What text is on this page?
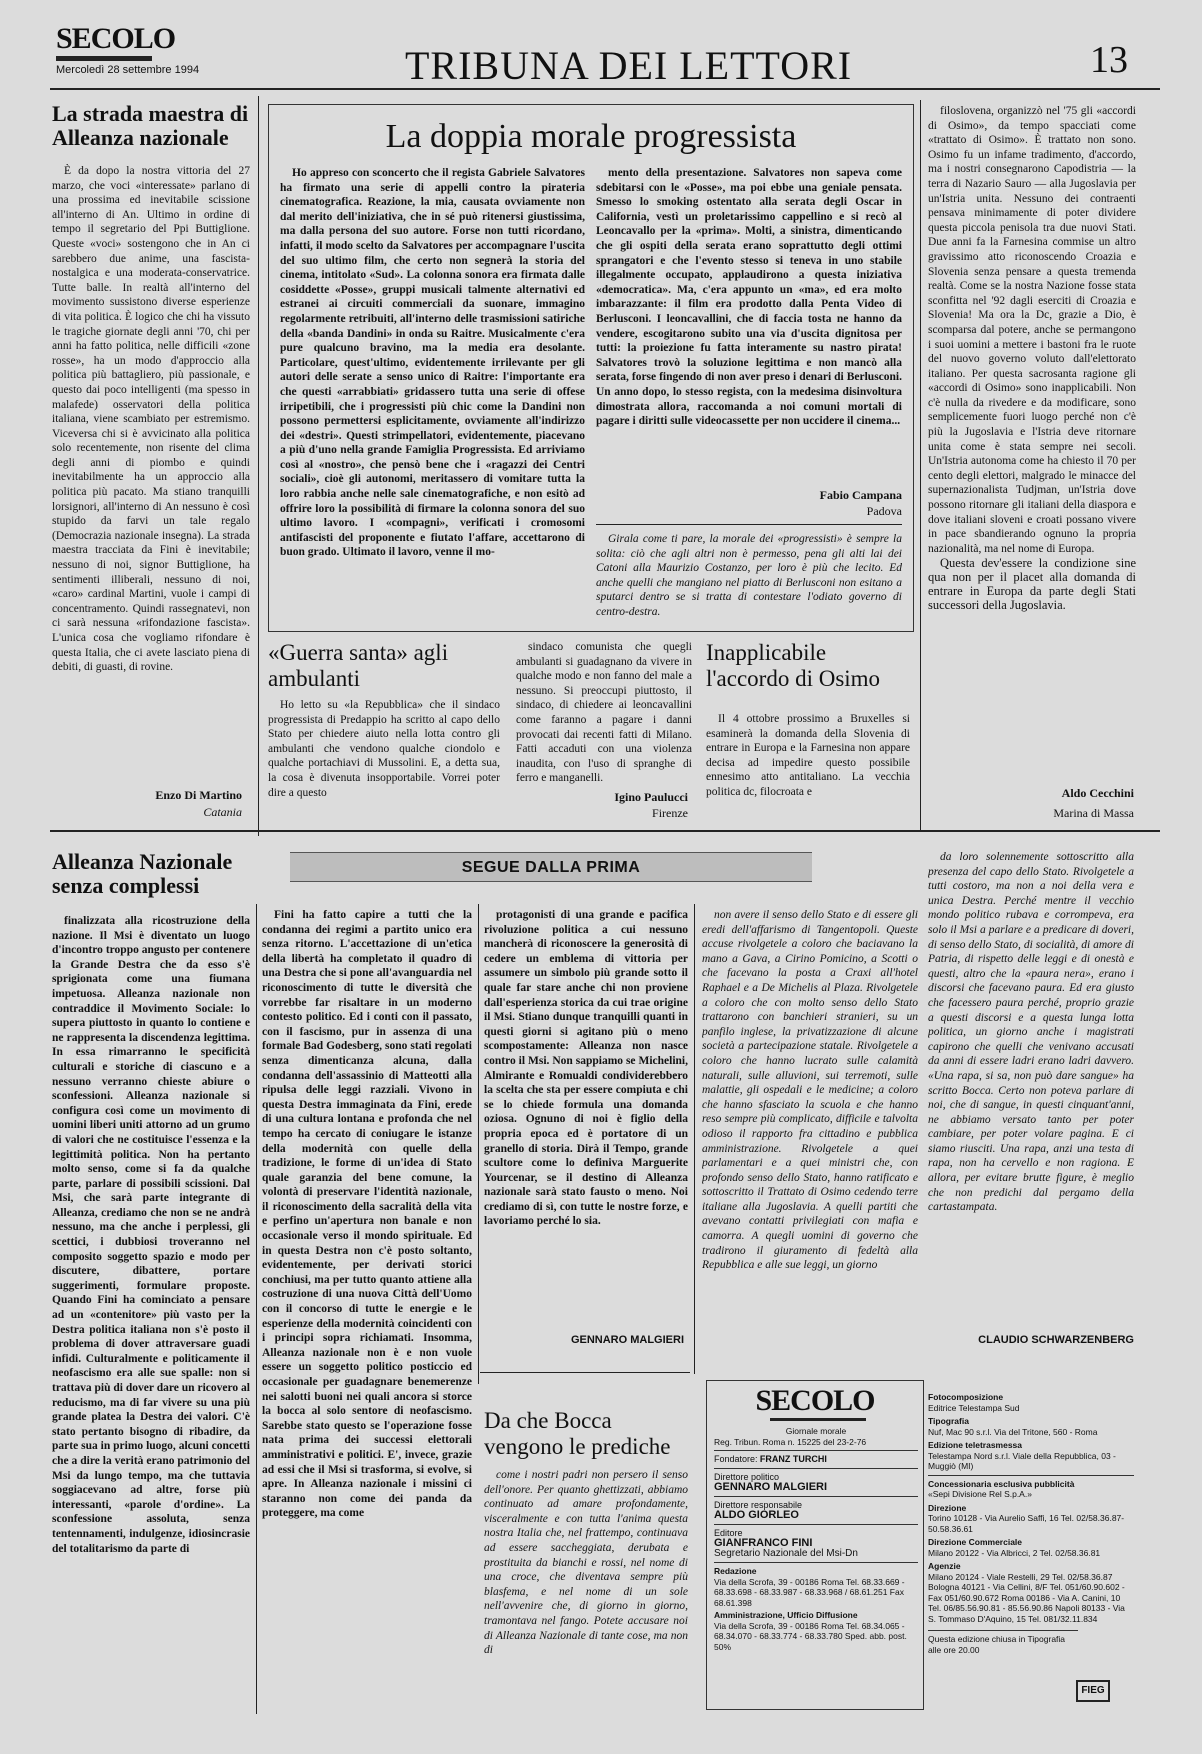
SECOLO
Mercoledì 28 settembre 1994	TRIBUNA DEI LETTORI	13
La strada maestra di Alleanza nazionale

È da dopo la nostra vittoria del 27 marzo, che voci «interessate» parlano di una prossima ed inevitabile scissione all'interno di An. Ultimo in ordine di tempo il segretario del Ppi Buttiglione. Queste «voci» sostengono che in An ci sarebbero due anime, una fascista-nostalgica e una moderata-conservatrice. Tutte balle. In realtà all'interno del movimento sussistono diverse esperienze di vita politica. È logico che chi ha vissuto le tragiche giornate degli anni '70, chi per anni ha fatto politica, nelle difficili «zone rosse», ha un modo d'approccio alla politica più battagliero, più passionale, e questo dai poco intelligenti (ma spesso in malafede) osservatori della politica italiana, viene scambiato per estremismo. Viceversa chi si è avvicinato alla politica solo recentemente, non risente del clima degli anni di piombo e quindi inevitabilmente ha un approccio alla politica più pacato. Ma stiano tranquilli lorsignori, all'interno di An nessuno è così stupido da farvi un tale regalo (Democrazia nazionale insegna). La strada maestra tracciata da Fini è inevitabile; nessuno di noi, signor Buttiglione, ha sentimenti illiberali, nessuno di noi, «caro» cardinal Martini, vuole i campi di concentramento. Quindi rassegnatevi, non ci sarà nessuna «rifondazione fascista». L'unica cosa che vogliamo rifondare è questa Italia, che ci avete lasciato piena di debiti, di guasti, di rovine.

Enzo Di Martino
Catania
La doppia morale progressista

Ho appreso con sconcerto che il regista Gabriele Salvatores ha firmato una serie di appelli contro la pirateria cinematografica. Reazione, la mia, causata ovviamente non dal merito dell'iniziativa, che in sé può ritenersi giustissima, ma dalla persona del suo autore. Forse non tutti ricordano, infatti, il modo scelto da Salvatores per accompagnare l'uscita del suo ultimo film, che certo non segnerà la storia del cinema, intitolato «Sud». La colonna sonora era firmata dalle cosiddette «Posse», gruppi musicali talmente alternativi ed estranei ai circuiti commerciali da suonare, immagino regolarmente retribuiti, all'interno delle trasmissioni satiriche della «banda Dandini» in onda su Raitre. Musicalmente c'era pure qualcuno bravino, ma la media era desolante. Particolare, quest'ultimo, evidentemente irrilevante per gli autori delle serate a senso unico di Raitre: l'importante era che questi «arrabbiati» gridassero tutta una serie di offese irripetibili, che i progressisti più chic come la Dandini non possono permettersi esplicitamente, ovviamente all'indirizzo dei «destri». Questi strimpellatori, evidentemente, piacevano a più d'uno nella grande Famiglia Progressista. Ed arriviamo così al «nostro», che pensò bene che i «ragazzi dei Centri sociali», cioè gli autonomi, meritassero di vomitare tutta la loro rabbia anche nelle sale cinematografiche, e non esitò ad offrire loro la possibilità di firmare la colonna sonora del suo ultimo lavoro. I «compagni», verificati i cromosomi antifascisti del proponente e fiutato l'affare, accettarono di buon grado. Ultimato il lavoro, venne il mo-

mento della presentazione. Salvatores non sapeva come sdebitarsi con le «Posse», ma poi ebbe una geniale pensata. Smesso lo smoking ostentato alla serata degli Oscar in California, vestì un proletarissimo cappellino e si recò al Leoncavallo per la «prima». Molti, a sinistra, dimenticando che gli ospiti della serata erano soprattutto degli ottimi sprangatori e che l'evento stesso si teneva in uno stabile illegalmente occupato, applaudirono a questa iniziativa «democratica». Ma, c'era appunto un «ma», ed era molto imbarazzante: il film era prodotto dalla Penta Video di Berlusconi. I leoncavallini, che di faccia tosta ne hanno da vendere, escogitarono subito una via d'uscita dignitosa per tutti: la proiezione fu fatta interamente su nastro pirata! Salvatores trovò la soluzione legittima e non mancò alla serata, forse fingendo di non aver preso i denari di Berlusconi. Un anno dopo, lo stesso regista, con la medesima disinvoltura dimostrata allora, raccomanda a noi comuni mortali di pagare i diritti sulle videocassette per non uccidere il cinema...

Fabio Campana
Padova

Girala come ti pare, la morale dei «progressisti» è sempre la solita: ciò che agli altri non è permesso, pena gli alti lai dei Catoni alla Maurizio Costanzo, per loro è più che lecito. Ed anche quelli che mangiano nel piatto di Berlusconi non esitano a sputarci dentro se si tratta di contestare l'odiato governo di centro-destra.

«Guerra santa» agli ambulanti

Ho letto su «la Repubblica» che il sindaco progressista di Predappio ha scritto al capo dello Stato per chiedere aiuto nella lotta contro gli ambulanti che vendono qualche ciondolo e qualche portachiavi di Mussolini. E, a detta sua, la cosa è divenuta insopportabile. Vorrei poter dire a questo

sindaco comunista che quegli ambulanti si guadagnano da vivere in qualche modo e non fanno del male a nessuno. Si preoccupi piuttosto, il sindaco, di chiedere ai leoncavallini come faranno a pagare i danni provocati dai recenti fatti di Milano. Fatti accaduti con una violenza inaudita, con l'uso di spranghe di ferro e manganelli.

Igino Paulucci
Firenze
Inapplicabile l'accordo di Osimo

Il 4 ottobre prossimo a Bruxelles si esaminerà la domanda della Slovenia di entrare in Europa e la Farnesina non appare decisa ad impedire questo possibile ennesimo atto antitaliano. La vecchia politica dc, filocroata e

filoslovena, organizzò nel '75 gli «accordi di Osimo», da tempo spacciati come «trattato di Osimo». È trattato non sono. Osimo fu un infame tradimento, d'accordo, ma i nostri consegnarono Capodistria — la terra di Nazario Sauro — alla Jugoslavia per un'Istria unita. Nessuno dei contraenti pensava minimamente di poter dividere questa piccola penisola tra due nuovi Stati. Due anni fa la Farnesina commise un altro gravissimo atto riconoscendo Croazia e Slovenia senza pensare a questa tremenda realtà. Come se la nostra Nazione fosse stata sconfitta nel '92 dagli eserciti di Croazia e Slovenia! Ma ora la Dc, grazie a Dio, è scomparsa dal potere, anche se permangono i suoi uomini a mettere i bastoni fra le ruote del nuovo governo voluto dall'elettorato italiano. Per questa sacrosanta ragione gli «accordi di Osimo» sono inapplicabili. Non c'è nulla da rivedere e da modificare, sono semplicemente fuori luogo perché non c'è più la Jugoslavia e l'Istria deve ritornare unita come è stata sempre nei secoli. Un'Istria autonoma come ha chiesto il 70 per cento degli elettori, malgrado le minacce del supernazionalista Tudjman, un'Istria dove possono ritornare gli italiani della diaspora e dove italiani sloveni e croati possano vivere in pace sbandierando ognuno la propria nazionalità, ma nel nome di Europa.

Questa dev'essere la condizione sine qua non per il placet alla domanda di entrare in Europa da parte degli Stati successori della Jugoslavia.

Aldo Cecchini
Marina di Massa
Alleanza Nazionale senza complessi
SEGUE DALLA PRIMA

finalizzata alla ricostruzione della nazione. Il Msi è diventato un luogo d'incontro troppo angusto per contenere la Grande Destra che da esso s'è sprigionata come una fiumana impetuosa. Alleanza nazionale non contraddice il Movimento Sociale: lo supera piuttosto in quanto lo contiene e ne rappresenta la discendenza legittima. In essa rimarranno le specificità culturali e storiche di ciascuno e a nessuno verranno chieste abiure o sconfessioni. Alleanza nazionale si configura così come un movimento di uomini liberi uniti attorno ad un grumo di valori che ne costituisce l'essenza e la legittimità politica. Non ha pertanto molto senso, come si fa da qualche parte, parlare di possibili scissioni. Dal Msi, che sarà parte integrante di Alleanza, crediamo che non se ne andrà nessuno, ma che anche i perplessi, gli scettici, i dubbiosi troveranno nel composito soggetto spazio e modo per discutere, dibattere, portare suggerimenti, formulare proposte. Quando Fini ha cominciato a pensare ad un «contenitore» più vasto per la Destra politica italiana non s'è posto il problema di dover attraversare guadi infidi. Culturalmente e politicamente il neofascismo era alle sue spalle: non si trattava più di dover dare un ricovero al reducismo, ma di far vivere su una più grande platea la Destra dei valori. C'è stato pertanto bisogno di ribadire, da parte sua in primo luogo, alcuni concetti che a dire la verità erano patrimonio del Msi da lungo tempo, ma che tuttavia soggiacevano ad altre, forse più interessanti, «parole d'ordine». La sconfessione assoluta, senza tentennamenti, indulgenze, idiosincrasie del totalitarismo da parte di

Fini ha fatto capire a tutti che la condanna dei regimi a partito unico era senza ritorno. L'accettazione di un'etica della libertà ha completato il quadro di una Destra che si pone all'avanguardia nel riconoscimento di tutte le diversità che vorrebbe far risaltare in un moderno contesto politico. Ed i conti con il passato, con il fascismo, pur in assenza di una formale Bad Godesberg, sono stati regolati senza dimenticanza alcuna, dalla condanna dell'assassinio di Matteotti alla ripulsa delle leggi razziali. Vivono in questa Destra immaginata da Fini, erede di una cultura lontana e profonda che nel tempo ha cercato di coniugare le istanze della modernità con quelle della tradizione, le forme di un'idea di Stato quale garanzia del bene comune, la volontà di preservare l'identità nazionale, il riconoscimento della sacralità della vita e perfino un'apertura non banale e non occasionale verso il mondo spirituale. Ed in questa Destra non c'è posto soltanto, evidentemente, per derivati storici conchiusi, ma per tutto quanto attiene alla costruzione di una nuova Città dell'Uomo con il concorso di tutte le energie e le esperienze della modernità coincidenti con i principi sopra richiamati. Insomma, Alleanza nazionale non è e non vuole essere un soggetto politico posticcio ed occasionale per guadagnare benemerenze nei salotti buoni nei quali ancora si storce la bocca al solo sentore di neofascismo. Sarebbe stato questo se l'operazione fosse nata prima dei successi elettorali amministrativi e politici. E', invece, grazie ad essi che il Msi si trasforma, si evolve, si apre. In Alleanza nazionale i missini ci staranno non come dei panda da proteggere, ma come

protagonisti di una grande e pacifica rivoluzione politica a cui nessuno mancherà di riconoscere la generosità di cedere un emblema di vittoria per assumere un simbolo più grande sotto il quale far stare anche chi non proviene dall'esperienza storica da cui trae origine il Msi. Stiano dunque tranquilli quanti in questi giorni si agitano più o meno scompostamente: Alleanza non nasce contro il Msi. Non sappiamo se Michelini, Almirante e Romualdi condividerebbero la scelta che sta per essere compiuta e chi se lo chiede formula una domanda oziosa. Ognuno di noi è figlio della propria epoca ed è portatore di un granello di storia. Dirà il Tempo, grande scultore come lo definiva Marguerite Yourcenar, se il destino di Alleanza nazionale sarà stato fausto o meno. Noi crediamo di sì, con tutte le nostre forze, e lavoriamo perché lo sia.

GENNARO MALGIERI

non avere il senso dello Stato e di essere gli eredi dell'affarismo di Tangentopoli. Queste accuse rivolgetele a coloro che baciavano la mano a Gava, a Cirino Pomicino, a Scotti o che facevano la posta a Craxi all'hotel Raphael e a De Michelis al Plaza. Rivolgetele a coloro che con molto senso dello Stato trattarono con banchieri stranieri, su un panfilo inglese, la privatizzazione di alcune società a partecipazione statale. Rivolgetele a coloro che hanno lucrato sulle calamità naturali, sulle alluvioni, sui terremoti, sulle malattie, gli ospedali e le medicine; a coloro che hanno sfasciato la scuola e che hanno reso sempre più complicato, difficile e talvolta odioso il rapporto fra cittadino e pubblica amministrazione. Rivolgetele a quei parlamentari e a quei ministri che, con profondo senso dello Stato, hanno ratificato e sottoscritto il Trattato di Osimo cedendo terre italiane alla Jugoslavia. A quelli partiti che avevano contatti privilegiati con mafia e camorra. A quegli uomini di governo che tradirono il giuramento di fedeltà alla Repubblica e alle sue leggi, un giorno

da loro solennemente sottoscritto alla presenza del capo dello Stato. Rivolgetele a tutti costoro, ma non a noi della vera e unica Destra. Perché mentre il vecchio mondo politico rubava e corrompeva, era solo il Msi a parlare e a predicare di doveri, di senso dello Stato, di socialità, di amore di Patria, di rispetto delle leggi e di onestà e questi, altro che la «paura nera», erano i discorsi che facevano paura. Ed era giusto che facessero paura perché, proprio grazie a questi discorsi e a questa lunga lotta politica, un giorno anche i magistrati capirono che quelli che venivano accusati da anni di essere ladri erano ladri davvero. «Una rapa, si sa, non può dare sangue» ha scritto Bocca. Certo non poteva parlare di noi, che di sangue, in questi cinquant'anni, ne abbiamo versato tanto per poter cambiare, per poter volare pagina. E ci siamo riusciti. Una rapa, anzi una testa di rapa, non ha cervello e non ragiona. E allora, per evitare brutte figure, è meglio che non predichi dal pergamo della cartastampata.

CLAUDIO SCHWARZENBERG
Da che Bocca vengono le prediche

come i nostri padri non persero il senso dell'onore. Per quanto ghettizzati, abbiamo continuato ad amare profondamente, visceralmente e con tutta l'anima questa nostra Italia che, nel frattempo, continuava ad essere saccheggiata, derubata e prostituita da bianchi e rossi, nel nome di una croce, che diventava sempre più blasfema, e nel nome di un sole nell'avvenire che, di giorno in giorno, tramontava nel fango. Potete accusare noi di Alleanza Nazionale di tante cose, ma non di

SECOLO
Giornale morale
Reg. Tribun. Roma n. 15225 del 23-2-76
Fondatore: FRANZ TURCHI
Direttore politico
GENNARO MALGIERI
Direttore responsabile
ALDO GIORLEO
Editore
GIANFRANCO FINI
Segretario Nazionale del Msi-Dn
Redazione
Via della Scrofa, 39 - 00186 Roma Tel. 68.33.669 - 68.33.698 - 68.33.987 - 68.33.968 / 68.61.251 Fax 68.61.398
Amministrazione, Ufficio Diffusione
Via della Scrofa, 39 - 00186 Roma Tel. 68.34.065 - 68.34.070 - 68.33.774 - 68.33.780 Sped. abb. post. 50%
Fotocomposizione
Editrice Telestampa Sud
Tipografia
Nuf, Mac 90 s.r.l. Via del Tritone, 560 - Roma
Edizione teletrasmessa
Telestampa Nord s.r.l. Viale della Repubblica, 03 - Muggiò (MI)
Concessionaria esclusiva pubblicità
«Sepi Divisione Rel S.p.A.»
Direzione
Torino 10128 - Via Aurelio Saffi, 16 Tel. 02/58.36.87-50.58.36.61
Direzione Commerciale
Milano 20122 - Via Albricci, 2 Tel. 02/58.36.81
Agenzie
Milano 20124 - Viale Restelli, 29 Tel. 02/58.36.87 Bologna 40121 - Via Cellini, 8/F Tel. 051/60.90.602 - Fax 051/60.90.672 Roma 00186 - Via A. Canini, 10 Tel. 06/85.56.90.81 - 85.56.90.86 Napoli 80133 - Via S. Tommaso D'Aquino, 15 Tel. 081/32.11.834
Questa edizione chiusa in Tipografia alle ore 20.00
FIEG
